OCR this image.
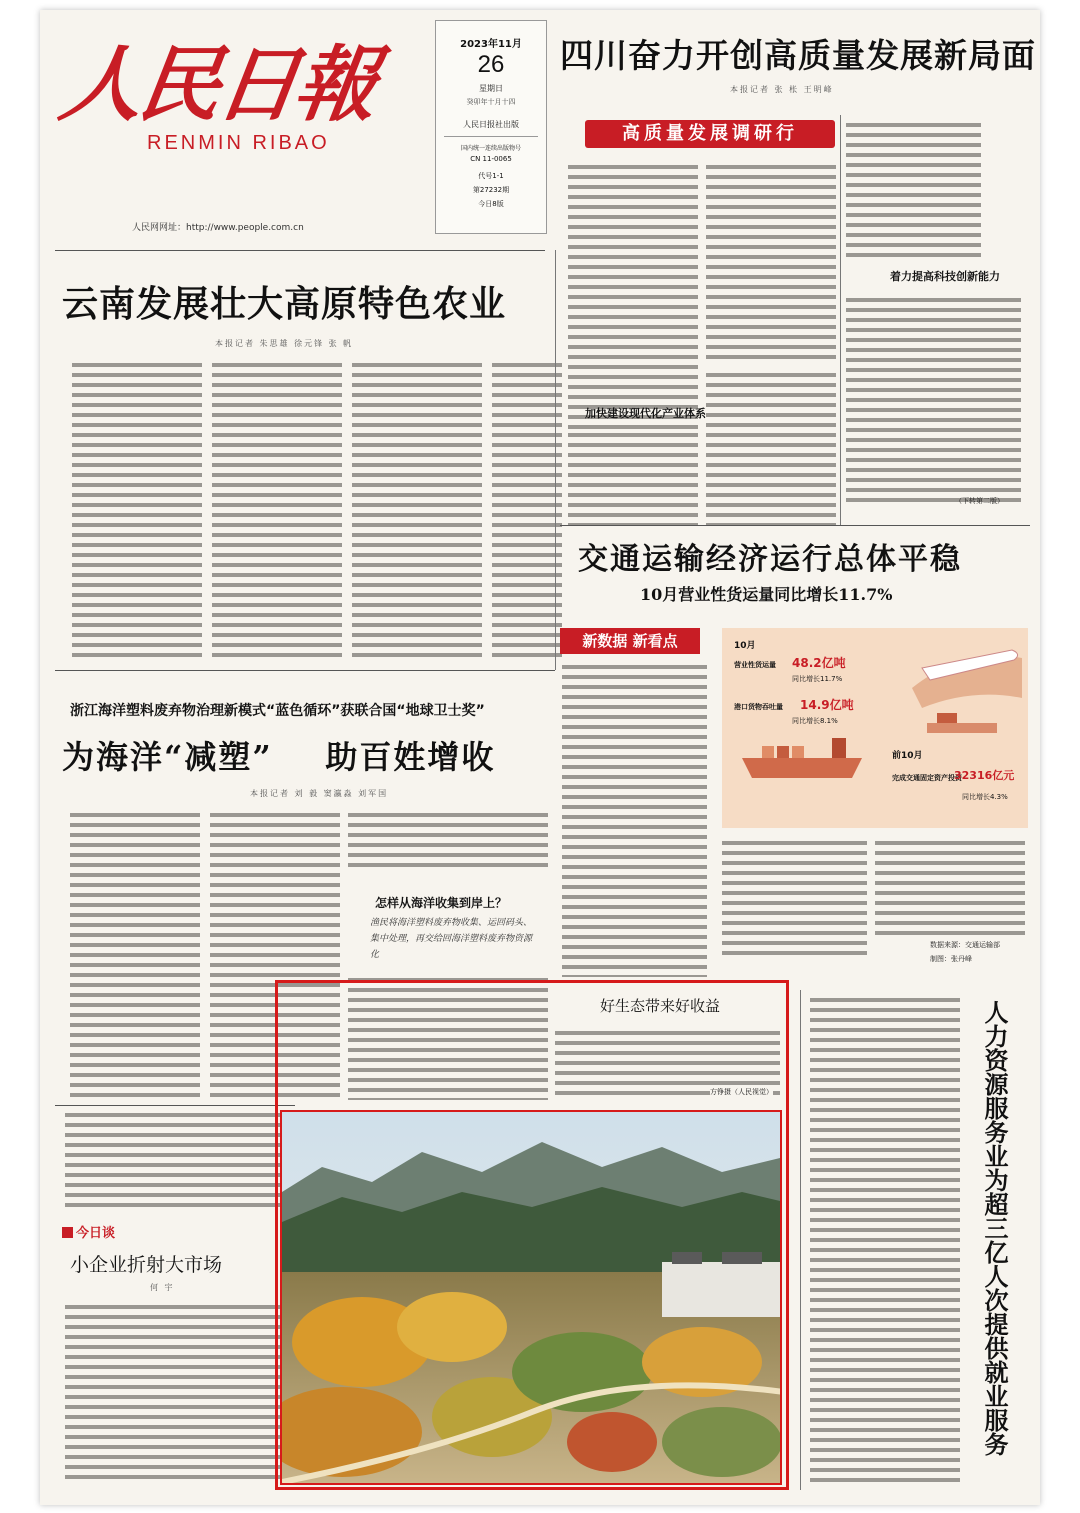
人民日報
RENMIN RIBAO
人民网网址：http://www.people.com.cn
2023年11月
26
星期日
癸卯年十月十四
人民日报社出版
国内统一连续出版物号
CN 11-0065
代号1-1
第27232期
今日8版
四川奋力开创高质量发展新局面
本报记者 张 枨 王明峰
高质量发展调研行
加快建设现代化产业体系
着力提高科技创新能力
（下转第二版）
云南发展壮大高原特色农业
本报记者 朱思雄 徐元锋 张 帆
交通运输经济运行总体平稳
10月营业性货运量同比增长11.7%
新数据 新看点	10月
营业性货运量 48.2亿吨
同比增长11.7%
港口货物吞吐量 14.9亿吨
同比增长8.1%
前10月
完成交通固定资产投资
32316亿元
同比增长4.3%
数据来源：交通运输部
制图：张丹峰
浙江海洋塑料废弃物治理新模式“蓝色循环”获联合国“地球卫士奖”
为海洋“减塑”    助百姓增收
本报记者 刘 毅 窦瀛淼 刘军国
怎样从海洋收集到岸上？
渔民将海洋塑料废弃物收集、运回码头、集中处理，再交给回海洋塑料废弃物资源化
今日谈
小企业折射大市场
何 宇
好生态带来好收益
方铮摄（人民视觉）	人力资源服务业为超三亿人次提供就业服务
